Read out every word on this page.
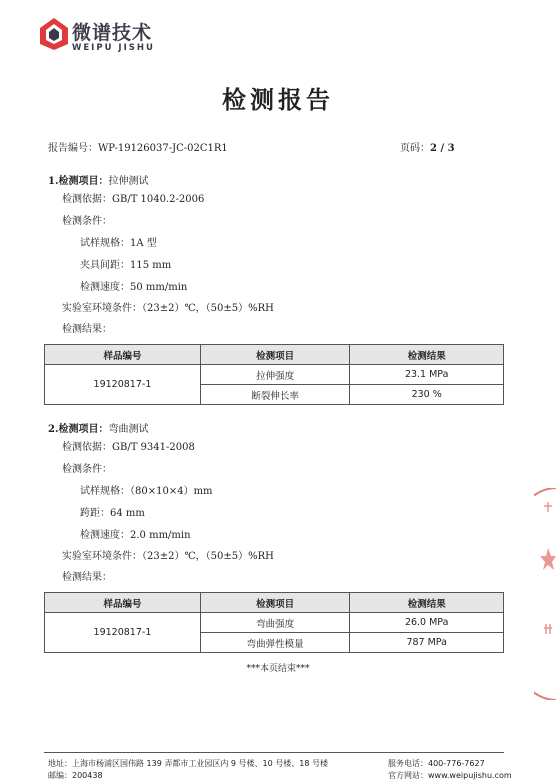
微谱技术
WEIPU JISHU
检测报告
报告编号：WP-19126037-JC-02C1R1	页码：2 / 3
1.检测项目：拉伸测试
检测依据：GB/T 1040.2-2006
检测条件：
试样规格：1A 型
夹具间距：115 mm
检测速度：50 mm/min
实验室环境条件：（23±2）℃，（50±5）%RH
检测结果：
样品编号	检测项目	检测结果
19120817-1	拉伸强度	23.1 MPa
	断裂伸长率	230 %
2.检测项目：弯曲测试
检测依据：GB/T 9341-2008
检测条件：
试样规格：（80×10×4）mm
跨距：64 mm
检测速度：2.0 mm/min
实验室环境条件：（23±2）℃，（50±5）%RH
检测结果：
样品编号	检测项目	检测结果
19120817-1	弯曲强度	26.0 MPa
	弯曲弹性模量	787 MPa
***本页结束***
地址：上海市杨浦区国伟路 139 弄都市工业园区内 9 号楼、10 号楼、18 号楼
邮编：200438
服务电话：400-776-7627
官方网站：www.weipujishu.com
